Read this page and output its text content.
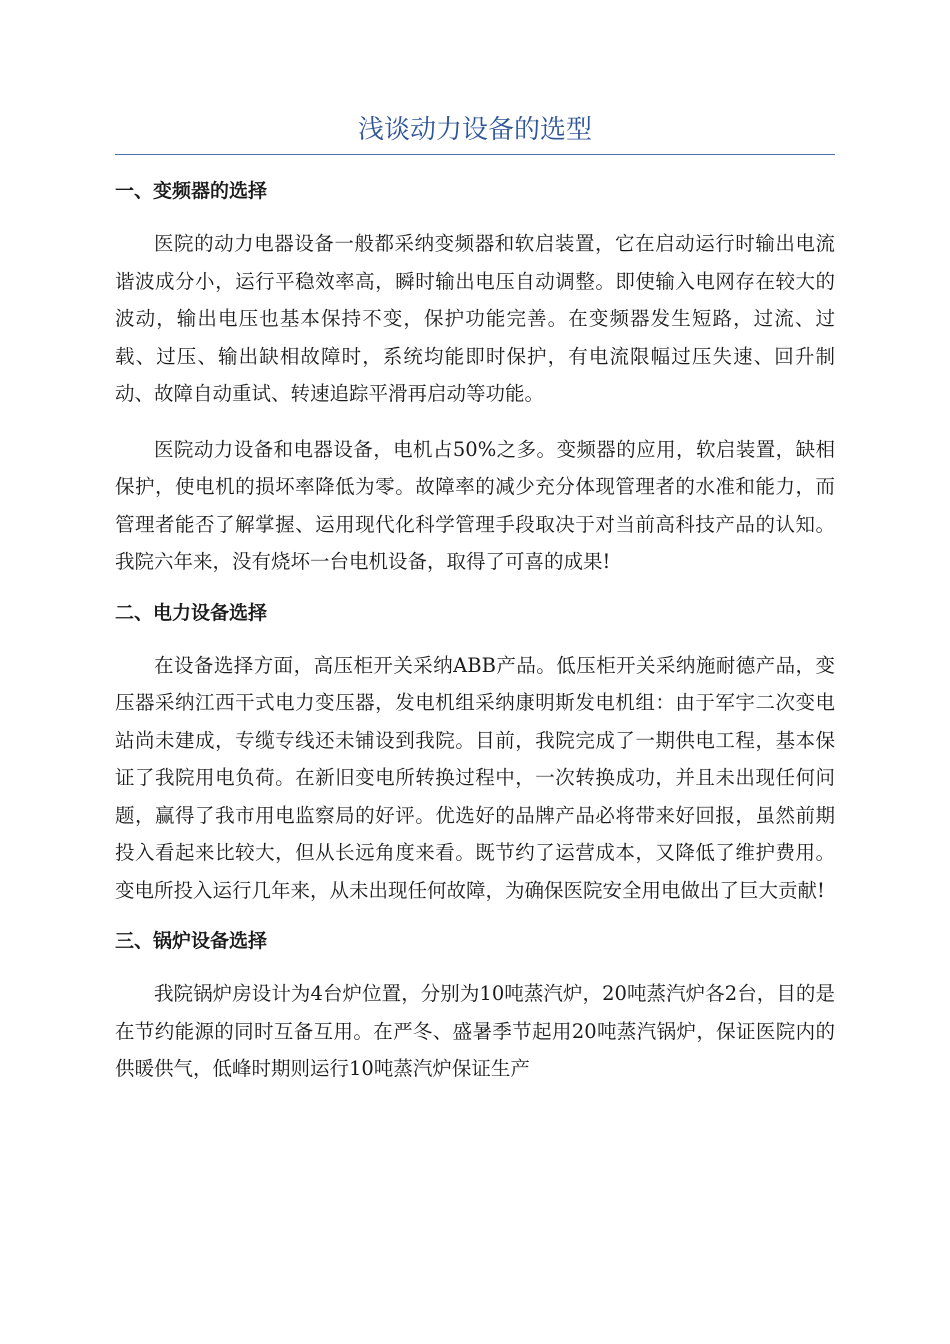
浅谈动力设备的选型
一、变频器的选择

医院的动力电器设备一般都采纳变频器和软启装置，它在启动运行时输出电流谐波成分小，运行平稳效率高，瞬时输出电压自动调整。即使输入电网存在较大的波动，输出电压也基本保持不变，保护功能完善。在变频器发生短路，过流、过载、过压、输出缺相故障时，系统均能即时保护，有电流限幅过压失速、回升制动、故障自动重试、转速追踪平滑再启动等功能。

医院动力设备和电器设备，电机占50%之多。变频器的应用，软启装置，缺相保护，使电机的损坏率降低为零。故障率的减少充分体现管理者的水准和能力，而管理者能否了解掌握、运用现代化科学管理手段取决于对当前高科技产品的认知。我院六年来，没有烧坏一台电机设备，取得了可喜的成果!

二、电力设备选择

在设备选择方面，高压柜开关采纳ABB产品。低压柜开关采纳施耐德产品，变压器采纳江西干式电力变压器，发电机组采纳康明斯发电机组：由于军宇二次变电站尚未建成，专缆专线还未铺设到我院。目前，我院完成了一期供电工程，基本保证了我院用电负荷。在新旧变电所转换过程中，一次转换成功，并且未出现任何问题，赢得了我市用电监察局的好评。优选好的品牌产品必将带来好回报，虽然前期投入看起来比较大，但从长远角度来看。既节约了运营成本，又降低了维护费用。变电所投入运行几年来，从未出现任何故障，为确保医院安全用电做出了巨大贡献!

三、锅炉设备选择

我院锅炉房设计为4台炉位置，分别为10吨蒸汽炉，20吨蒸汽炉各2台，目的是在节约能源的同时互备互用。在严冬、盛暑季节起用20吨蒸汽锅炉，保证医院内的供暖供气，低峰时期则运行10吨蒸汽炉保证生产
